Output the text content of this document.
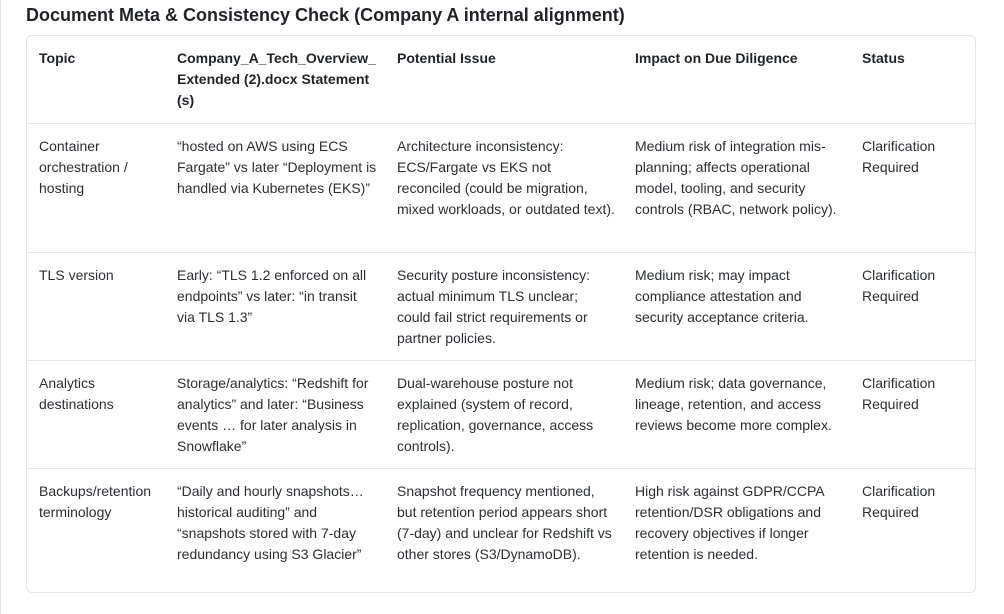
Document Meta & Consistency Check (Company A internal alignment)
Topic	Company_A_Tech_Overview_Extended (2).docx Statement(s)	Potential Issue	Impact on Due Diligence	Status
Container orchestration / hosting	“hosted on AWS using ECS Fargate” vs later “Deployment is handled via Kubernetes (EKS)”	Architecture inconsistency: ECS/Fargate vs EKS not reconciled (could be migration, mixed workloads, or outdated text).	Medium risk of integration mis-planning; affects operational model, tooling, and security controls (RBAC, network policy).	Clarification Required
TLS version	Early: “TLS 1.2 enforced on all endpoints” vs later: “in transit via TLS 1.3”	Security posture inconsistency: actual minimum TLS unclear; could fail strict requirements or partner policies.	Medium risk; may impact compliance attestation and security acceptance criteria.	Clarification Required
Analytics destinations	Storage/analytics: “Redshift for analytics” and later: “Business events … for later analysis in Snowflake”	Dual-warehouse posture not explained (system of record, replication, governance, access controls).	Medium risk; data governance, lineage, retention, and access reviews become more complex.	Clarification Required
Backups/retention terminology	“Daily and hourly snapshots… historical auditing” and “snapshots stored with 7-day redundancy using S3 Glacier”	Snapshot frequency mentioned, but retention period appears short (7-day) and unclear for Redshift vs other stores (S3/DynamoDB).	High risk against GDPR/CCPA retention/DSR obligations and recovery objectives if longer retention is needed.	Clarification Required
